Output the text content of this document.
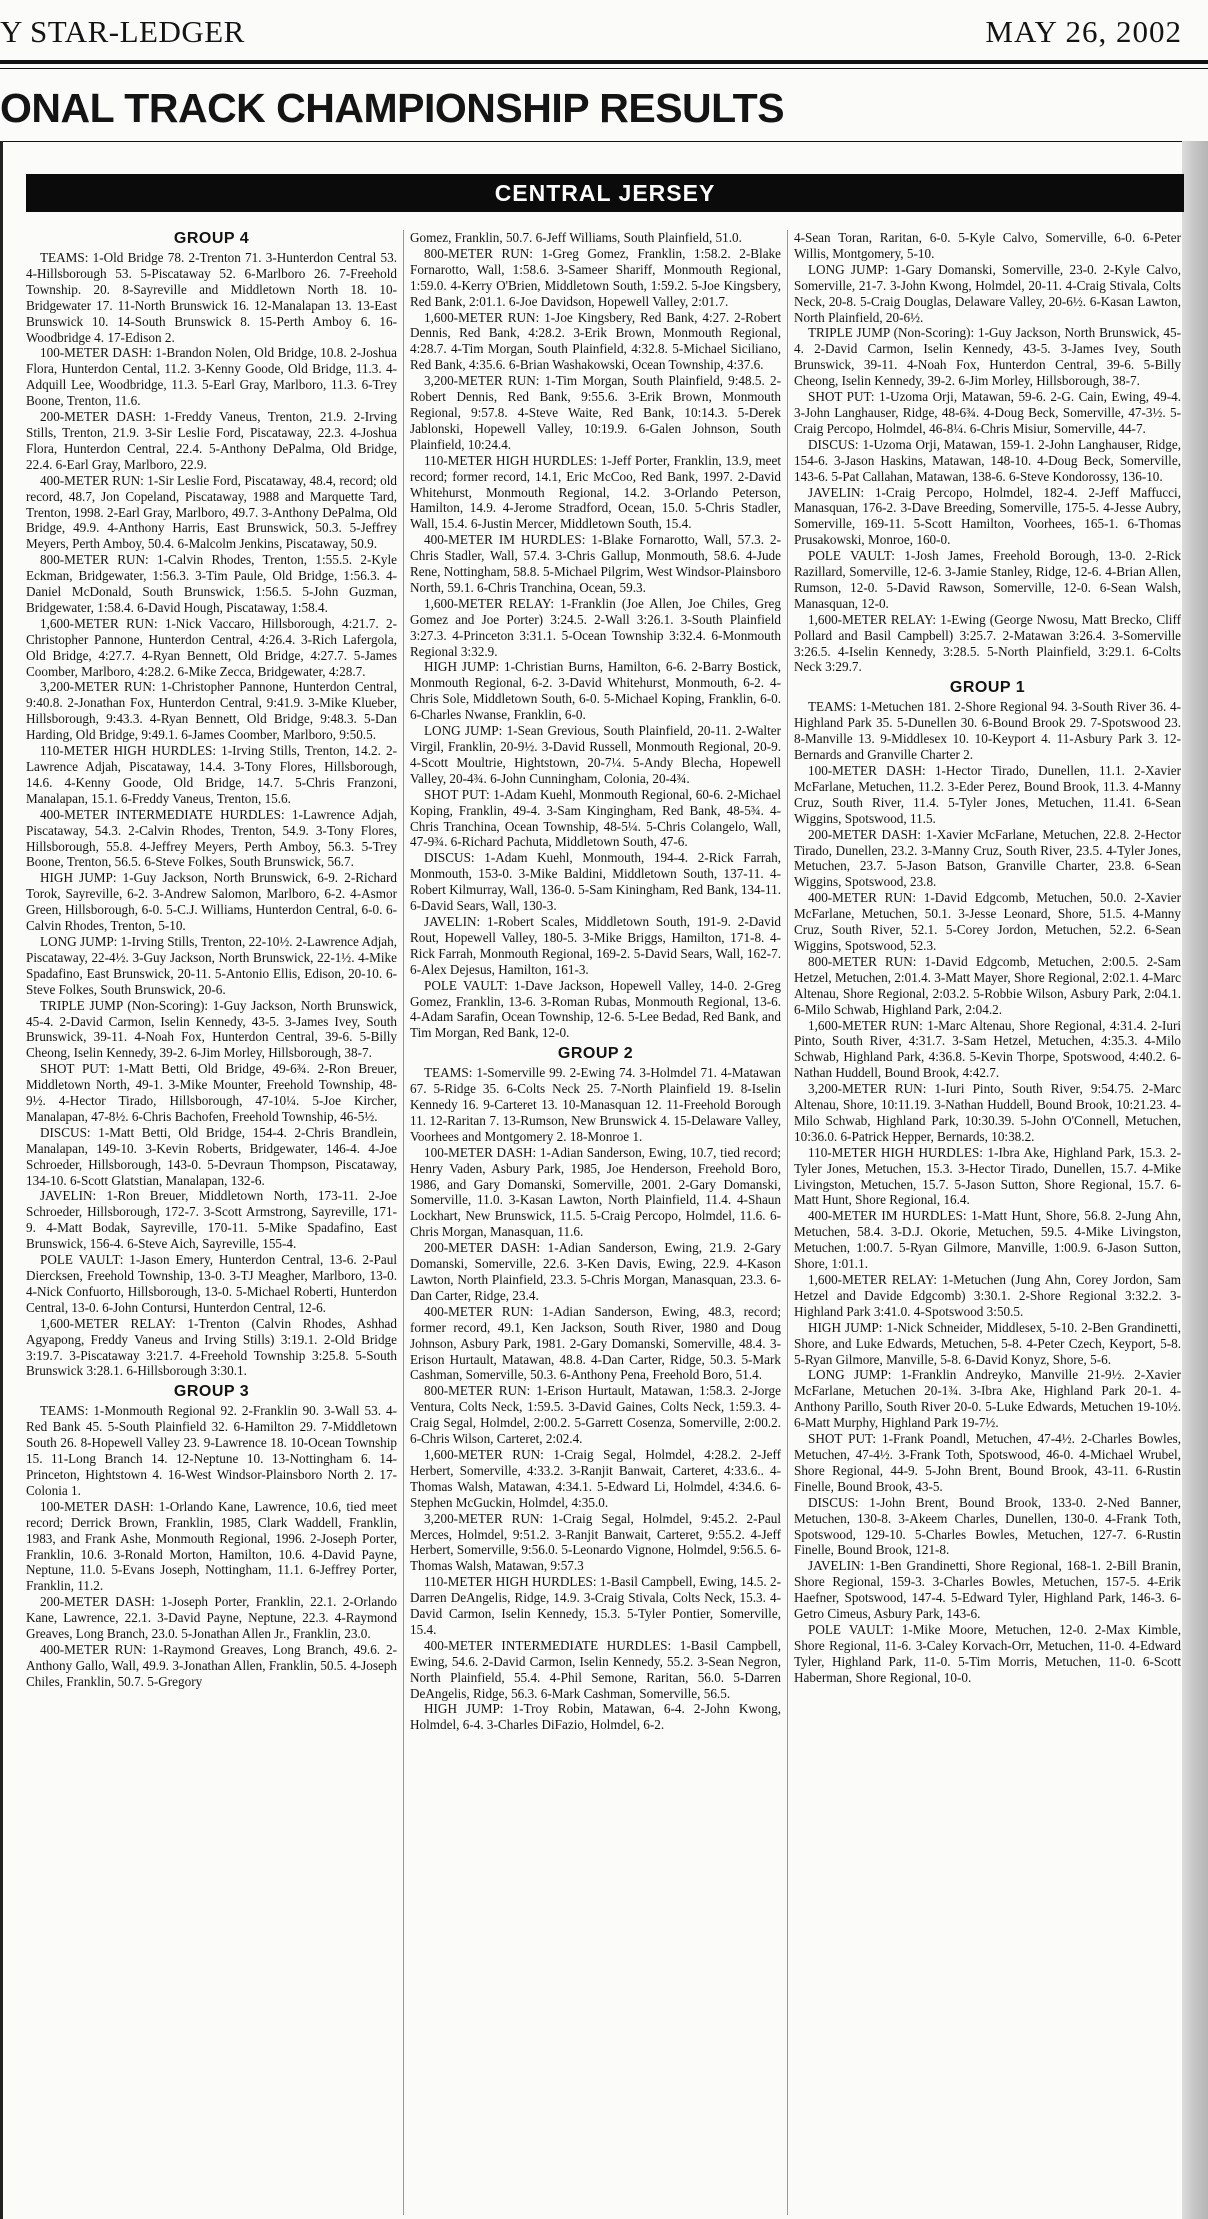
Y STAR-LEDGER	MAY 26, 2002
ONAL TRACK CHAMPIONSHIP RESULTS
CENTRAL JERSEY
GROUP 4

TEAMS: 1-Old Bridge 78. 2-Trenton 71. 3-Hunterdon Central 53. 4-Hillsborough 53. 5-Piscataway 52. 6-Marlboro 26. 7-Freehold Township. 20. 8-Sayreville and Middletown North 18. 10-Bridgewater 17. 11-North Brunswick 16. 12-Manalapan 13. 13-East Brunswick 10. 14-South Brunswick 8. 15-Perth Amboy 6. 16-Woodbridge 4. 17-Edison 2.

100-METER DASH: 1-Brandon Nolen, Old Bridge, 10.8. 2-Joshua Flora, Hunterdon Cental, 11.2. 3-Kenny Goode, Old Bridge, 11.3. 4-Adquill Lee, Woodbridge, 11.3. 5-Earl Gray, Marlboro, 11.3. 6-Trey Boone, Trenton, 11.6.

200-METER DASH: 1-Freddy Vaneus, Trenton, 21.9. 2-Irving Stills, Trenton, 21.9. 3-Sir Leslie Ford, Piscataway, 22.3. 4-Joshua Flora, Hunterdon Central, 22.4. 5-Anthony DePalma, Old Bridge, 22.4. 6-Earl Gray, Marlboro, 22.9.

400-METER RUN: 1-Sir Leslie Ford, Piscataway, 48.4, record; old record, 48.7, Jon Copeland, Piscataway, 1988 and Marquette Tard, Trenton, 1998. 2-Earl Gray, Marlboro, 49.7. 3-Anthony DePalma, Old Bridge, 49.9. 4-Anthony Harris, East Brunswick, 50.3. 5-Jeffrey Meyers, Perth Amboy, 50.4. 6-Malcolm Jenkins, Piscataway, 50.9.

800-METER RUN: 1-Calvin Rhodes, Trenton, 1:55.5. 2-Kyle Eckman, Bridgewater, 1:56.3. 3-Tim Paule, Old Bridge, 1:56.3. 4-Daniel McDonald, South Brunswick, 1:56.5. 5-John Guzman, Bridgewater, 1:58.4. 6-David Hough, Piscataway, 1:58.4.

1,600-METER RUN: 1-Nick Vaccaro, Hillsborough, 4:21.7. 2-Christopher Pannone, Hunterdon Central, 4:26.4. 3-Rich Lafergola, Old Bridge, 4:27.7. 4-Ryan Bennett, Old Bridge, 4:27.7. 5-James Coomber, Marlboro, 4:28.2. 6-Mike Zecca, Bridgewater, 4:28.7.

3,200-METER RUN: 1-Christopher Pannone, Hunterdon Central, 9:40.8. 2-Jonathan Fox, Hunterdon Central, 9:41.9. 3-Mike Klueber, Hillsborough, 9:43.3. 4-Ryan Bennett, Old Bridge, 9:48.3. 5-Dan Harding, Old Bridge, 9:49.1. 6-James Coomber, Marlboro, 9:50.5.

110-METER HIGH HURDLES: 1-Irving Stills, Trenton, 14.2. 2-Lawrence Adjah, Piscataway, 14.4. 3-Tony Flores, Hillsborough, 14.6. 4-Kenny Goode, Old Bridge, 14.7. 5-Chris Franzoni, Manalapan, 15.1. 6-Freddy Vaneus, Trenton, 15.6.

400-METER INTERMEDIATE HURDLES: 1-Lawrence Adjah, Piscataway, 54.3. 2-Calvin Rhodes, Trenton, 54.9. 3-Tony Flores, Hillsborough, 55.8. 4-Jeffrey Meyers, Perth Amboy, 56.3. 5-Trey Boone, Trenton, 56.5. 6-Steve Folkes, South Brunswick, 56.7.

HIGH JUMP: 1-Guy Jackson, North Brunswick, 6-9. 2-Richard Torok, Sayreville, 6-2. 3-Andrew Salomon, Marlboro, 6-2. 4-Asmor Green, Hillsborough, 6-0. 5-C.J. Williams, Hunterdon Central, 6-0. 6-Calvin Rhodes, Trenton, 5-10.

LONG JUMP: 1-Irving Stills, Trenton, 22-10½. 2-Lawrence Adjah, Piscataway, 22-4½. 3-Guy Jackson, North Brunswick, 22-1½. 4-Mike Spadafino, East Brunswick, 20-11. 5-Antonio Ellis, Edison, 20-10. 6-Steve Folkes, South Brunswick, 20-6.

TRIPLE JUMP (Non-Scoring): 1-Guy Jackson, North Brunswick, 45-4. 2-David Carmon, Iselin Kennedy, 43-5. 3-James Ivey, South Brunswick, 39-11. 4-Noah Fox, Hunterdon Central, 39-6. 5-Billy Cheong, Iselin Kennedy, 39-2. 6-Jim Morley, Hillsborough, 38-7.

SHOT PUT: 1-Matt Betti, Old Bridge, 49-6¾. 2-Ron Breuer, Middletown North, 49-1. 3-Mike Mounter, Freehold Township, 48-9½. 4-Hector Tirado, Hillsborough, 47-10¼. 5-Joe Kircher, Manalapan, 47-8½. 6-Chris Bachofen, Freehold Township, 46-5½.

DISCUS: 1-Matt Betti, Old Bridge, 154-4. 2-Chris Brandlein, Manalapan, 149-10. 3-Kevin Roberts, Bridgewater, 146-4. 4-Joe Schroeder, Hillsborough, 143-0. 5-Devraun Thompson, Piscataway, 134-10. 6-Scott Glatstian, Manalapan, 132-6.

JAVELIN: 1-Ron Breuer, Middletown North, 173-11. 2-Joe Schroeder, Hillsborough, 172-7. 3-Scott Armstrong, Sayreville, 171-9. 4-Matt Bodak, Sayreville, 170-11. 5-Mike Spadafino, East Brunswick, 156-4. 6-Steve Aich, Sayreville, 155-4.

POLE VAULT: 1-Jason Emery, Hunterdon Central, 13-6. 2-Paul Diercksen, Freehold Township, 13-0. 3-TJ Meagher, Marlboro, 13-0. 4-Nick Confuorto, Hillsborough, 13-0. 5-Michael Roberti, Hunterdon Central, 13-0. 6-John Contursi, Hunterdon Central, 12-6.

1,600-METER RELAY: 1-Trenton (Calvin Rhodes, Ashhad Agyapong, Freddy Vaneus and Irving Stills) 3:19.1. 2-Old Bridge 3:19.7. 3-Piscataway 3:21.7. 4-Freehold Township 3:25.8. 5-South Brunswick 3:28.1. 6-Hillsborough 3:30.1.

GROUP 3

TEAMS: 1-Monmouth Regional 92. 2-Franklin 90. 3-Wall 53. 4-Red Bank 45. 5-South Plainfield 32. 6-Hamilton 29. 7-Middletown South 26. 8-Hopewell Valley 23. 9-Lawrence 18. 10-Ocean Township 15. 11-Long Branch 14. 12-Neptune 10. 13-Nottingham 6. 14-Princeton, Hightstown 4. 16-West Windsor-Plainsboro North 2. 17-Colonia 1.

100-METER DASH: 1-Orlando Kane, Lawrence, 10.6, tied meet record; Derrick Brown, Franklin, 1985, Clark Waddell, Franklin, 1983, and Frank Ashe, Monmouth Regional, 1996. 2-Joseph Porter, Franklin, 10.6. 3-Ronald Morton, Hamilton, 10.6. 4-David Payne, Neptune, 11.0. 5-Evans Joseph, Nottingham, 11.1. 6-Jeffrey Porter, Franklin, 11.2.

200-METER DASH: 1-Joseph Porter, Franklin, 22.1. 2-Orlando Kane, Lawrence, 22.1. 3-David Payne, Neptune, 22.3. 4-Raymond Greaves, Long Branch, 23.0. 5-Jonathan Allen Jr., Franklin, 23.0.

400-METER RUN: 1-Raymond Greaves, Long Branch, 49.6. 2-Anthony Gallo, Wall, 49.9. 3-Jonathan Allen, Franklin, 50.5. 4-Joseph Chiles, Franklin, 50.7. 5-Gregory

Gomez, Franklin, 50.7. 6-Jeff Williams, South Plainfield, 51.0.

800-METER RUN: 1-Greg Gomez, Franklin, 1:58.2. 2-Blake Fornarotto, Wall, 1:58.6. 3-Sameer Shariff, Monmouth Regional, 1:59.0. 4-Kerry O'Brien, Middletown South, 1:59.2. 5-Joe Kingsbery, Red Bank, 2:01.1. 6-Joe Davidson, Hopewell Valley, 2:01.7.

1,600-METER RUN: 1-Joe Kingsbery, Red Bank, 4:27. 2-Robert Dennis, Red Bank, 4:28.2. 3-Erik Brown, Monmouth Regional, 4:28.7. 4-Tim Morgan, South Plainfield, 4:32.8. 5-Michael Siciliano, Red Bank, 4:35.6. 6-Brian Washakowski, Ocean Township, 4:37.6.

3,200-METER RUN: 1-Tim Morgan, South Plainfield, 9:48.5. 2-Robert Dennis, Red Bank, 9:55.6. 3-Erik Brown, Monmouth Regional, 9:57.8. 4-Steve Waite, Red Bank, 10:14.3. 5-Derek Jablonski, Hopewell Valley, 10:19.9. 6-Galen Johnson, South Plainfield, 10:24.4.

110-METER HIGH HURDLES: 1-Jeff Porter, Franklin, 13.9, meet record; former record, 14.1, Eric McCoo, Red Bank, 1997. 2-David Whitehurst, Monmouth Regional, 14.2. 3-Orlando Peterson, Hamilton, 14.9. 4-Jerome Stradford, Ocean, 15.0. 5-Chris Stadler, Wall, 15.4. 6-Justin Mercer, Middletown South, 15.4.

400-METER IM HURDLES: 1-Blake Fornarotto, Wall, 57.3. 2-Chris Stadler, Wall, 57.4. 3-Chris Gallup, Monmouth, 58.6. 4-Jude Rene, Nottingham, 58.8. 5-Michael Pilgrim, West Windsor-Plainsboro North, 59.1. 6-Chris Tranchina, Ocean, 59.3.

1,600-METER RELAY: 1-Franklin (Joe Allen, Joe Chiles, Greg Gomez and Joe Porter) 3:24.5. 2-Wall 3:26.1. 3-South Plainfield 3:27.3. 4-Princeton 3:31.1. 5-Ocean Township 3:32.4. 6-Monmouth Regional 3:32.9.

HIGH JUMP: 1-Christian Burns, Hamilton, 6-6. 2-Barry Bostick, Monmouth Regional, 6-2. 3-David Whitehurst, Monmouth, 6-2. 4-Chris Sole, Middletown South, 6-0. 5-Michael Koping, Franklin, 6-0. 6-Charles Nwanse, Franklin, 6-0.

LONG JUMP: 1-Sean Grevious, South Plainfield, 20-11. 2-Walter Virgil, Franklin, 20-9½. 3-David Russell, Monmouth Regional, 20-9. 4-Scott Moultrie, Hightstown, 20-7¼. 5-Andy Blecha, Hopewell Valley, 20-4¾. 6-John Cunningham, Colonia, 20-4¾.

SHOT PUT: 1-Adam Kuehl, Monmouth Regional, 60-6. 2-Michael Koping, Franklin, 49-4. 3-Sam Kingingham, Red Bank, 48-5¾. 4-Chris Tranchina, Ocean Township, 48-5¼. 5-Chris Colangelo, Wall, 47-9¾. 6-Richard Pachuta, Middletown South, 47-6.

DISCUS: 1-Adam Kuehl, Monmouth, 194-4. 2-Rick Farrah, Monmouth, 153-0. 3-Mike Baldini, Middletown South, 137-11. 4-Robert Kilmurray, Wall, 136-0. 5-Sam Kiningham, Red Bank, 134-11. 6-David Sears, Wall, 130-3.

JAVELIN: 1-Robert Scales, Middletown South, 191-9. 2-David Rout, Hopewell Valley, 180-5. 3-Mike Briggs, Hamilton, 171-8. 4-Rick Farrah, Monmouth Regional, 169-2. 5-David Sears, Wall, 162-7. 6-Alex Dejesus, Hamilton, 161-3.

POLE VAULT: 1-Dave Jackson, Hopewell Valley, 14-0. 2-Greg Gomez, Franklin, 13-6. 3-Roman Rubas, Monmouth Regional, 13-6. 4-Adam Sarafin, Ocean Township, 12-6. 5-Lee Bedad, Red Bank, and Tim Morgan, Red Bank, 12-0.

GROUP 2

TEAMS: 1-Somerville 99. 2-Ewing 74. 3-Holmdel 71. 4-Matawan 67. 5-Ridge 35. 6-Colts Neck 25. 7-North Plainfield 19. 8-Iselin Kennedy 16. 9-Carteret 13. 10-Manasquan 12. 11-Freehold Borough 11. 12-Raritan 7. 13-Rumson, New Brunswick 4. 15-Delaware Valley, Voorhees and Montgomery 2. 18-Monroe 1.

100-METER DASH: 1-Adian Sanderson, Ewing, 10.7, tied record; Henry Vaden, Asbury Park, 1985, Joe Henderson, Freehold Boro, 1986, and Gary Domanski, Somerville, 2001. 2-Gary Domanski, Somerville, 11.0. 3-Kasan Lawton, North Plainfield, 11.4. 4-Shaun Lockhart, New Brunswick, 11.5. 5-Craig Percopo, Holmdel, 11.6. 6-Chris Morgan, Manasquan, 11.6.

200-METER DASH: 1-Adian Sanderson, Ewing, 21.9. 2-Gary Domanski, Somerville, 22.6. 3-Ken Davis, Ewing, 22.9. 4-Kason Lawton, North Plainfield, 23.3. 5-Chris Morgan, Manasquan, 23.3. 6-Dan Carter, Ridge, 23.4.

400-METER RUN: 1-Adian Sanderson, Ewing, 48.3, record; former record, 49.1, Ken Jackson, South River, 1980 and Doug Johnson, Asbury Park, 1981. 2-Gary Domanski, Somerville, 48.4. 3-Erison Hurtault, Matawan, 48.8. 4-Dan Carter, Ridge, 50.3. 5-Mark Cashman, Somerville, 50.3. 6-Anthony Pena, Freehold Boro, 51.4.

800-METER RUN: 1-Erison Hurtault, Matawan, 1:58.3. 2-Jorge Ventura, Colts Neck, 1:59.5. 3-David Gaines, Colts Neck, 1:59.3. 4-Craig Segal, Holmdel, 2:00.2. 5-Garrett Cosenza, Somerville, 2:00.2. 6-Chris Wilson, Carteret, 2:02.4.

1,600-METER RUN: 1-Craig Segal, Holmdel, 4:28.2. 2-Jeff Herbert, Somerville, 4:33.2. 3-Ranjit Banwait, Carteret, 4:33.6.. 4-Thomas Walsh, Matawan, 4:34.1. 5-Edward Li, Holmdel, 4:34.6. 6-Stephen McGuckin, Holmdel, 4:35.0.

3,200-METER RUN: 1-Craig Segal, Holmdel, 9:45.2. 2-Paul Merces, Holmdel, 9:51.2. 3-Ranjit Banwait, Carteret, 9:55.2. 4-Jeff Herbert, Somerville, 9:56.0. 5-Leonardo Vignone, Holmdel, 9:56.5. 6-Thomas Walsh, Matawan, 9:57.3

110-METER HIGH HURDLES: 1-Basil Campbell, Ewing, 14.5. 2-Darren DeAngelis, Ridge, 14.9. 3-Craig Stivala, Colts Neck, 15.3. 4-David Carmon, Iselin Kennedy, 15.3. 5-Tyler Pontier, Somerville, 15.4.

400-METER INTERMEDIATE HURDLES: 1-Basil Campbell, Ewing, 54.6. 2-David Carmon, Iselin Kennedy, 55.2. 3-Sean Negron, North Plainfield, 55.4. 4-Phil Semone, Raritan, 56.0. 5-Darren DeAngelis, Ridge, 56.3. 6-Mark Cashman, Somerville, 56.5.

HIGH JUMP: 1-Troy Robin, Matawan, 6-4. 2-John Kwong, Holmdel, 6-4. 3-Charles DiFazio, Holmdel, 6-2.

4-Sean Toran, Raritan, 6-0. 5-Kyle Calvo, Somerville, 6-0. 6-Peter Willis, Montgomery, 5-10.

LONG JUMP: 1-Gary Domanski, Somerville, 23-0. 2-Kyle Calvo, Somerville, 21-7. 3-John Kwong, Holmdel, 20-11. 4-Craig Stivala, Colts Neck, 20-8. 5-Craig Douglas, Delaware Valley, 20-6½. 6-Kasan Lawton, North Plainfield, 20-6½.

TRIPLE JUMP (Non-Scoring): 1-Guy Jackson, North Brunswick, 45-4. 2-David Carmon, Iselin Kennedy, 43-5. 3-James Ivey, South Brunswick, 39-11. 4-Noah Fox, Hunterdon Central, 39-6. 5-Billy Cheong, Iselin Kennedy, 39-2. 6-Jim Morley, Hillsborough, 38-7.

SHOT PUT: 1-Uzoma Orji, Matawan, 59-6. 2-G. Cain, Ewing, 49-4. 3-John Langhauser, Ridge, 48-6¾. 4-Doug Beck, Somerville, 47-3½. 5-Craig Percopo, Holmdel, 46-8¼. 6-Chris Misiur, Somerville, 44-7.

DISCUS: 1-Uzoma Orji, Matawan, 159-1. 2-John Langhauser, Ridge, 154-6. 3-Jason Haskins, Matawan, 148-10. 4-Doug Beck, Somerville, 143-6. 5-Pat Callahan, Matawan, 138-6. 6-Steve Kondorossy, 136-10.

JAVELIN: 1-Craig Percopo, Holmdel, 182-4. 2-Jeff Maffucci, Manasquan, 176-2. 3-Dave Breeding, Somerville, 175-5. 4-Jesse Aubry, Somerville, 169-11. 5-Scott Hamilton, Voorhees, 165-1. 6-Thomas Prusakowski, Monroe, 160-0.

POLE VAULT: 1-Josh James, Freehold Borough, 13-0. 2-Rick Razillard, Somerville, 12-6. 3-Jamie Stanley, Ridge, 12-6. 4-Brian Allen, Rumson, 12-0. 5-David Rawson, Somerville, 12-0. 6-Sean Walsh, Manasquan, 12-0.

1,600-METER RELAY: 1-Ewing (George Nwosu, Matt Brecko, Cliff Pollard and Basil Campbell) 3:25.7. 2-Matawan 3:26.4. 3-Somerville 3:26.5. 4-Iselin Kennedy, 3:28.5. 5-North Plainfield, 3:29.1. 6-Colts Neck 3:29.7.

GROUP 1

TEAMS: 1-Metuchen 181. 2-Shore Regional 94. 3-South River 36. 4-Highland Park 35. 5-Dunellen 30. 6-Bound Brook 29. 7-Spotswood 23. 8-Manville 13. 9-Middlesex 10. 10-Keyport 4. 11-Asbury Park 3. 12-Bernards and Granville Charter 2.

100-METER DASH: 1-Hector Tirado, Dunellen, 11.1. 2-Xavier McFarlane, Metuchen, 11.2. 3-Eder Perez, Bound Brook, 11.3. 4-Manny Cruz, South River, 11.4. 5-Tyler Jones, Metuchen, 11.41. 6-Sean Wiggins, Spotswood, 11.5.

200-METER DASH: 1-Xavier McFarlane, Metuchen, 22.8. 2-Hector Tirado, Dunellen, 23.2. 3-Manny Cruz, South River, 23.5. 4-Tyler Jones, Metuchen, 23.7. 5-Jason Batson, Granville Charter, 23.8. 6-Sean Wiggins, Spotswood, 23.8.

400-METER RUN: 1-David Edgcomb, Metuchen, 50.0. 2-Xavier McFarlane, Metuchen, 50.1. 3-Jesse Leonard, Shore, 51.5. 4-Manny Cruz, South River, 52.1. 5-Corey Jordon, Metuchen, 52.2. 6-Sean Wiggins, Spotswood, 52.3.

800-METER RUN: 1-David Edgcomb, Metuchen, 2:00.5. 2-Sam Hetzel, Metuchen, 2:01.4. 3-Matt Mayer, Shore Regional, 2:02.1. 4-Marc Altenau, Shore Regional, 2:03.2. 5-Robbie Wilson, Asbury Park, 2:04.1. 6-Milo Schwab, Highland Park, 2:04.2.

1,600-METER RUN: 1-Marc Altenau, Shore Regional, 4:31.4. 2-Iuri Pinto, South River, 4:31.7. 3-Sam Hetzel, Metuchen, 4:35.3. 4-Milo Schwab, Highland Park, 4:36.8. 5-Kevin Thorpe, Spotswood, 4:40.2. 6-Nathan Huddell, Bound Brook, 4:42.7.

3,200-METER RUN: 1-Iuri Pinto, South River, 9:54.75. 2-Marc Altenau, Shore, 10:11.19. 3-Nathan Huddell, Bound Brook, 10:21.23. 4-Milo Schwab, Highland Park, 10:30.39. 5-John O'Connell, Metuchen, 10:36.0. 6-Patrick Hepper, Bernards, 10:38.2.

110-METER HIGH HURDLES: 1-Ibra Ake, Highland Park, 15.3. 2-Tyler Jones, Metuchen, 15.3. 3-Hector Tirado, Dunellen, 15.7. 4-Mike Livingston, Metuchen, 15.7. 5-Jason Sutton, Shore Regional, 15.7. 6-Matt Hunt, Shore Regional, 16.4.

400-METER IM HURDLES: 1-Matt Hunt, Shore, 56.8. 2-Jung Ahn, Metuchen, 58.4. 3-D.J. Okorie, Metuchen, 59.5. 4-Mike Livingston, Metuchen, 1:00.7. 5-Ryan Gilmore, Manville, 1:00.9. 6-Jason Sutton, Shore, 1:01.1.

1,600-METER RELAY: 1-Metuchen (Jung Ahn, Corey Jordon, Sam Hetzel and Davide Edgcomb) 3:30.1. 2-Shore Regional 3:32.2. 3-Highland Park 3:41.0. 4-Spotswood 3:50.5.

HIGH JUMP: 1-Nick Schneider, Middlesex, 5-10. 2-Ben Grandinetti, Shore, and Luke Edwards, Metuchen, 5-8. 4-Peter Czech, Keyport, 5-8. 5-Ryan Gilmore, Manville, 5-8. 6-David Konyz, Shore, 5-6.

LONG JUMP: 1-Franklin Andreyko, Manville 21-9½. 2-Xavier McFarlane, Metuchen 20-1¾. 3-Ibra Ake, Highland Park 20-1. 4-Anthony Parillo, South River 20-0. 5-Luke Edwards, Metuchen 19-10½. 6-Matt Murphy, Highland Park 19-7½.

SHOT PUT: 1-Frank Poandl, Metuchen, 47-4½. 2-Charles Bowles, Metuchen, 47-4½. 3-Frank Toth, Spotswood, 46-0. 4-Michael Wrubel, Shore Regional, 44-9. 5-John Brent, Bound Brook, 43-11. 6-Rustin Finelle, Bound Brook, 43-5.

DISCUS: 1-John Brent, Bound Brook, 133-0. 2-Ned Banner, Metuchen, 130-8. 3-Akeem Charles, Dunellen, 130-0. 4-Frank Toth, Spotswood, 129-10. 5-Charles Bowles, Metuchen, 127-7. 6-Rustin Finelle, Bound Brook, 121-8.

JAVELIN: 1-Ben Grandinetti, Shore Regional, 168-1. 2-Bill Branin, Shore Regional, 159-3. 3-Charles Bowles, Metuchen, 157-5. 4-Erik Haefner, Spotswood, 147-4. 5-Edward Tyler, Highland Park, 146-3. 6-Getro Cimeus, Asbury Park, 143-6.

POLE VAULT: 1-Mike Moore, Metuchen, 12-0. 2-Max Kimble, Shore Regional, 11-6. 3-Caley Korvach-Orr, Metuchen, 11-0. 4-Edward Tyler, Highland Park, 11-0. 5-Tim Morris, Metuchen, 11-0. 6-Scott Haberman, Shore Regional, 10-0.
